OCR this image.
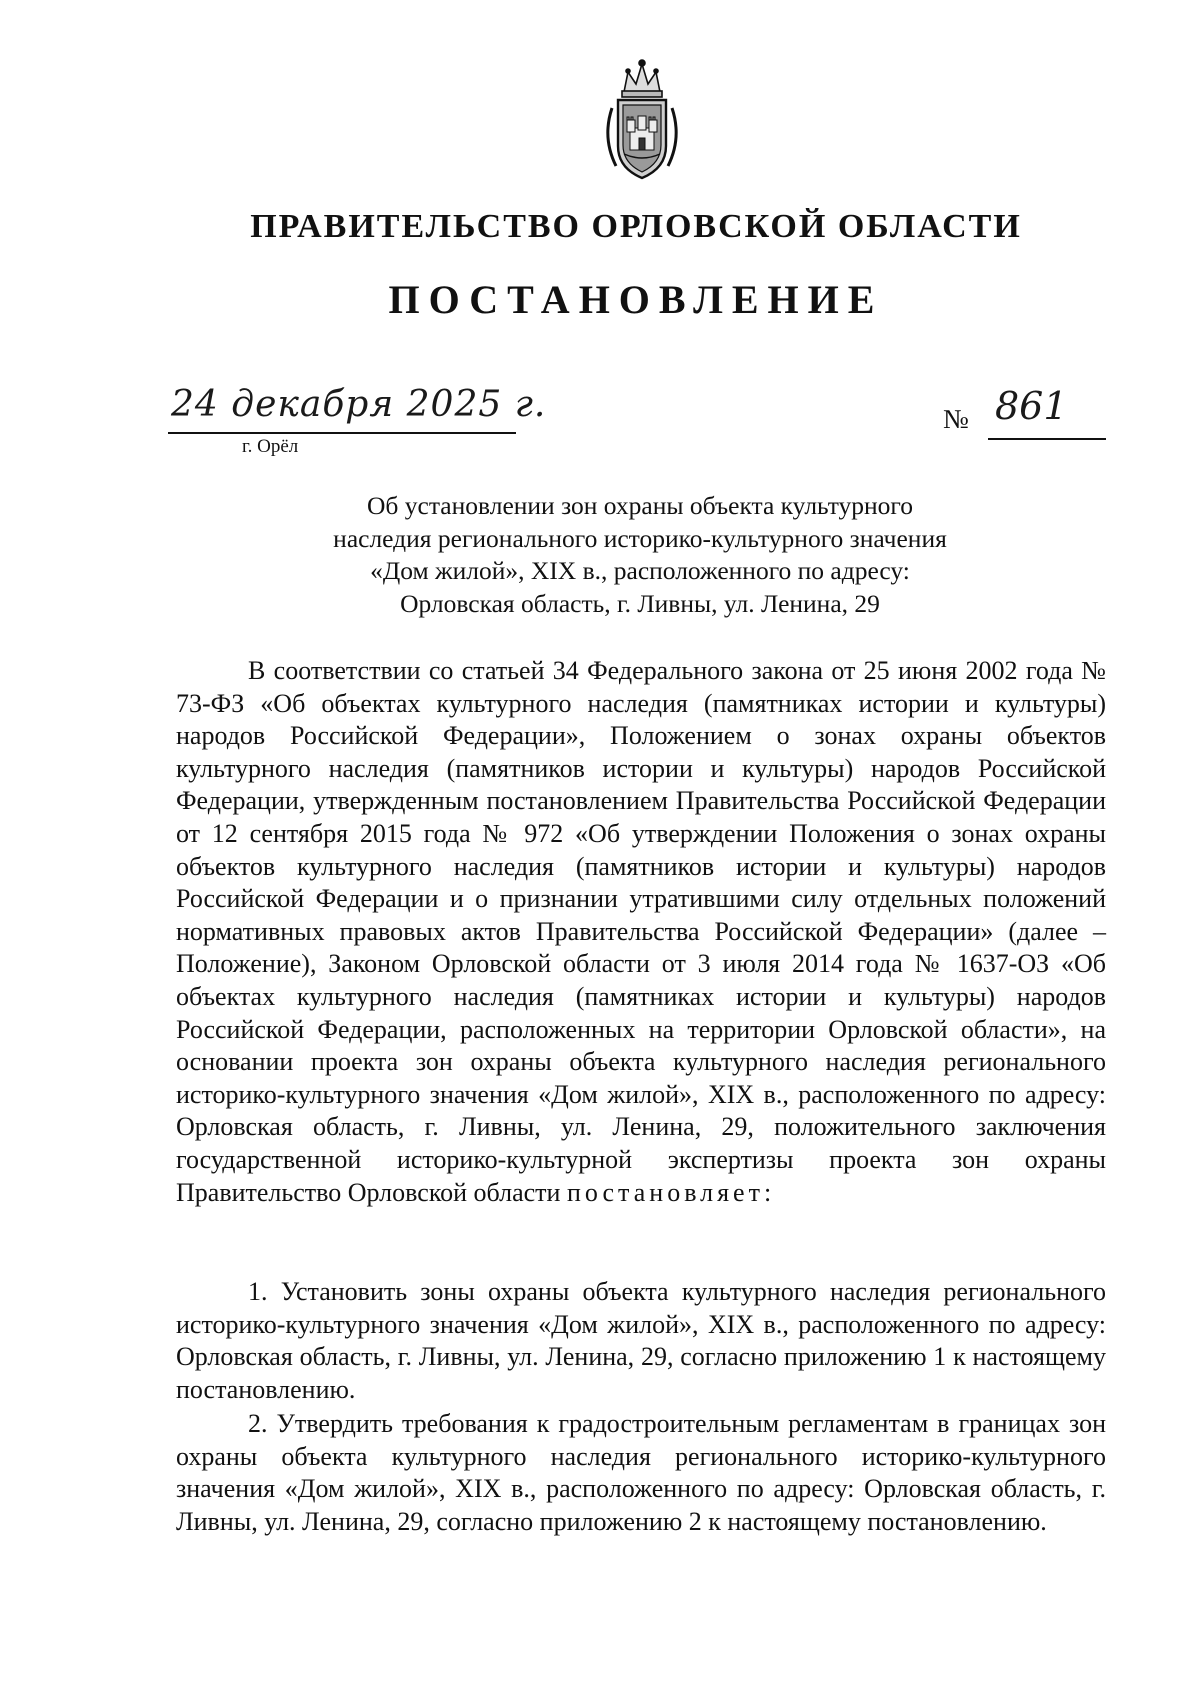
ПРАВИТЕЛЬСТВО ОРЛОВСКОЙ ОБЛАСТИ
ПОСТАНОВЛЕНИЕ
24 декабря 2025 г.
г. Орёл
№ 861
Об установлении зон охраны объекта культурного
наследия регионального историко-культурного значения
«Дом жилой», XIX в., расположенного по адресу:
Орловская область, г. Ливны, ул. Ленина, 29

В соответствии со статьей 34 Федерального закона от 25 июня 2002 года № 73-ФЗ «Об объектах культурного наследия (памятниках истории и культуры) народов Российской Федерации», Положением о зонах охраны объектов культурного наследия (памятников истории и культуры) народов Российской Федерации, утвержденным постановлением Правительства Российской Федерации от 12 сентября 2015 года № 972 «Об утверждении Положения о зонах охраны объектов культурного наследия (памятников истории и культуры) народов Российской Федерации и о признании утратившими силу отдельных положений нормативных правовых актов Правительства Российской Федерации» (далее – Положение), Законом Орловской области от 3 июля 2014 года № 1637-ОЗ «Об объектах культурного наследия (памятниках истории и культуры) народов Российской Федерации, расположенных на территории Орловской области», на основании проекта зон охраны объекта культурного наследия регионального историко-культурного значения «Дом жилой», XIX в., расположенного по адресу: Орловская область, г. Ливны, ул. Ленина, 29, положительного заключения государственной историко-культурной экспертизы проекта зон охраны Правительство Орловской области постановляет:

1. Установить зоны охраны объекта культурного наследия регионального историко-культурного значения «Дом жилой», XIX в., расположенного по адресу: Орловская область, г. Ливны, ул. Ленина, 29, согласно приложению 1 к настоящему постановлению.

2. Утвердить требования к градостроительным регламентам в границах зон охраны объекта культурного наследия регионального историко-культурного значения «Дом жилой», XIX в., расположенного по адресу: Орловская область, г. Ливны, ул. Ленина, 29, согласно приложению 2 к настоящему постановлению.
